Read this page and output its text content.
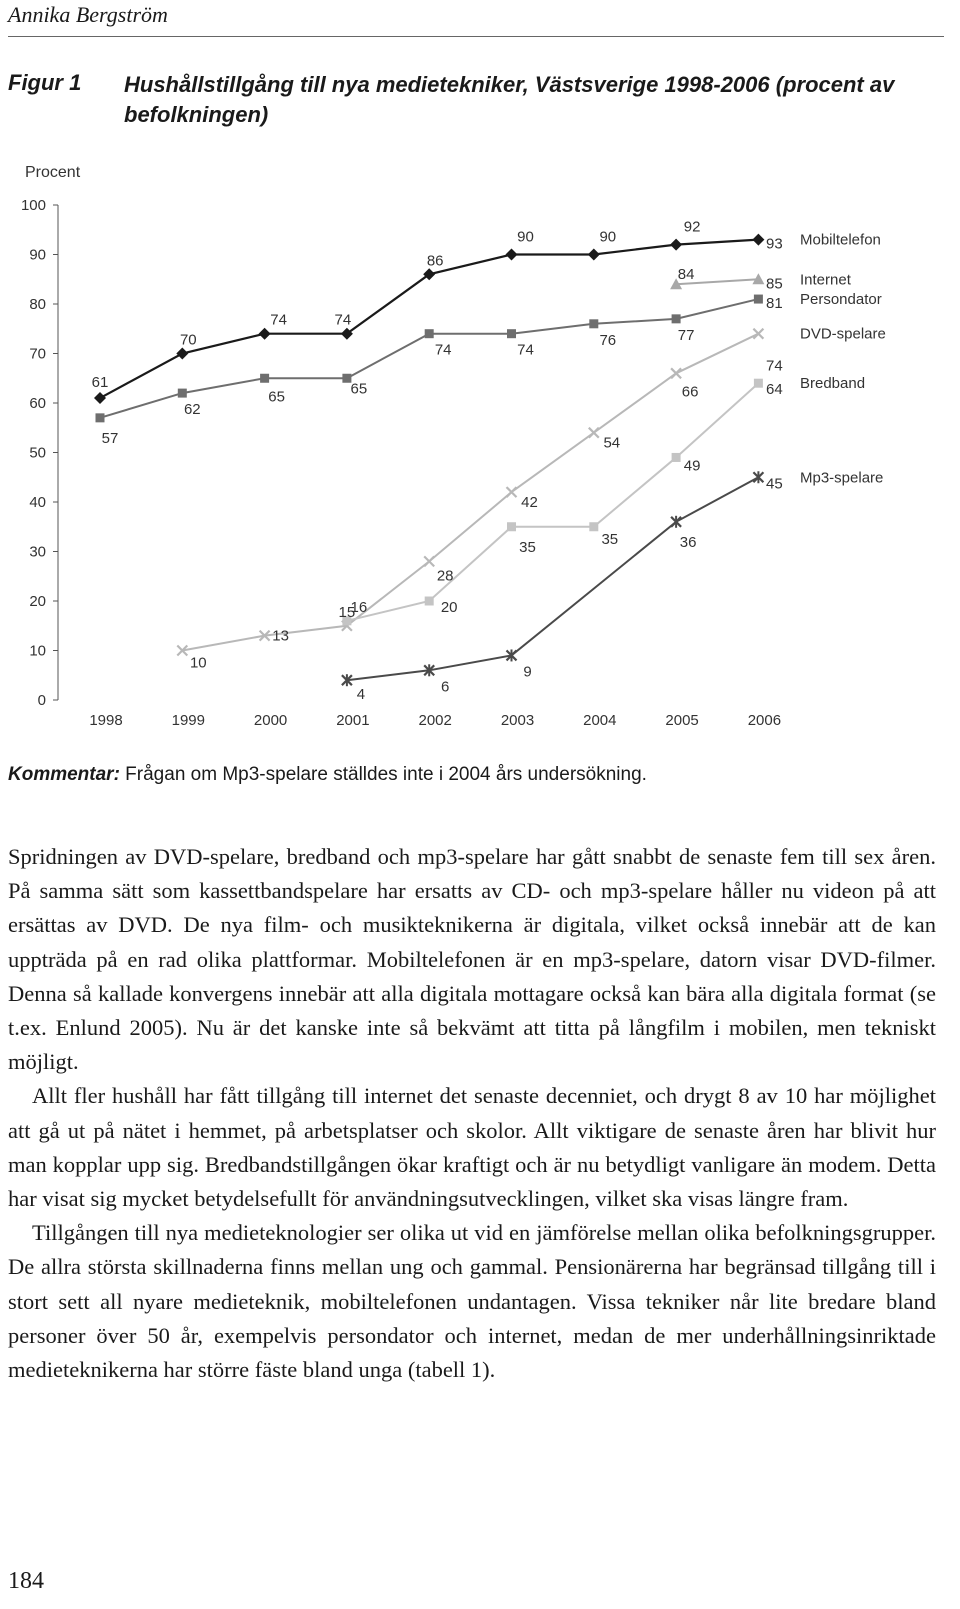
Annika Bergström
Figur 1 Hushållstillgång till nya medietekniker, Västsverige 1998-2006 (procent av befolkningen)
Procent
0
10
20
30
40
50
60
70
80
90
100
1998	1999	2000	2001	2002	2003	2004	2005	2006
61
70
74	74
86
90	90
92
93
84
85
57
62
65	65
74	74
76	77
81
10
13
15
28
42
54
66
74
16	20
35	35
49
64
4	6
9
36
45
Mobiltelefon
Internet
Persondator
DVD-spelare
Bredband
Mp3-spelare
Kommentar: Frågan om Mp3-spelare ställdes inte i 2004 års undersökning.

Spridningen av DVD-spelare, bredband och mp3-spelare har gått snabbt de senaste fem till sex åren. På samma sätt som kassettbandspelare har ersatts av CD- och mp3-spelare håller nu videon på att ersättas av DVD. De nya film- och musikteknikerna är digitala, vilket också innebär att de kan uppträda på en rad olika plattformar. Mobiltelefonen är en mp3-spelare, datorn visar DVD-filmer. Denna så kallade konvergens innebär att alla digitala mottagare också kan bära alla digitala format (se t.ex. Enlund 2005). Nu är det kanske inte så bekvämt att titta på långfilm i mobilen, men tekniskt möjligt.

Allt fler hushåll har fått tillgång till internet det senaste decenniet, och drygt 8 av 10 har möjlighet att gå ut på nätet i hemmet, på arbetsplatser och skolor. Allt viktigare de senaste åren har blivit hur man kopplar upp sig. Bredbandstillgången ökar kraftigt och är nu betydligt vanligare än modem. Detta har visat sig mycket betydelsefullt för användningsutvecklingen, vilket ska visas längre fram.

Tillgången till nya medieteknologier ser olika ut vid en jämförelse mellan olika befolkningsgrupper. De allra största skillnaderna finns mellan ung och gammal. Pensionärerna har begränsad tillgång till i stort sett all nyare medieteknik, mobiltelefonen undantagen. Vissa tekniker når lite bredare bland personer över 50 år, exempelvis persondator och internet, medan de mer underhållningsinriktade medieteknikerna har större fäste bland unga (tabell 1).

184
